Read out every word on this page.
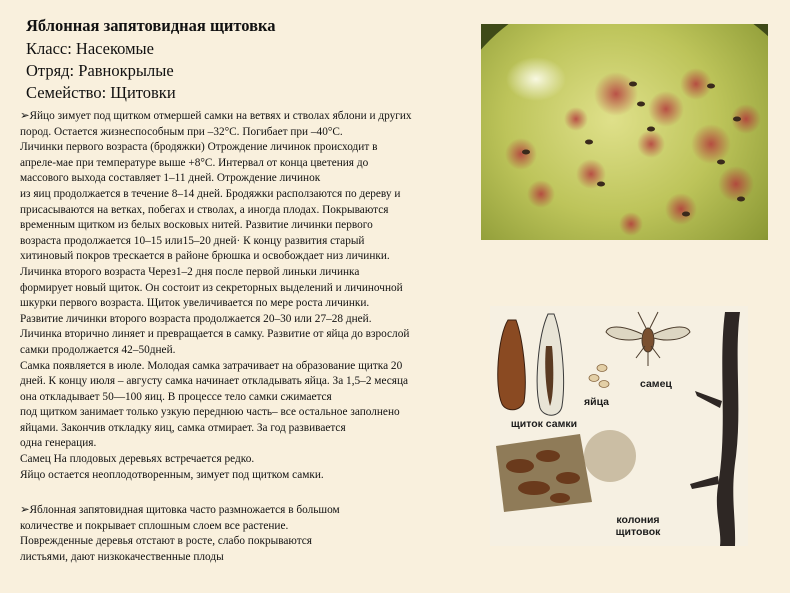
Яблонная запятовидная щитовка
Класс: Насекомые
Отряд: Равнокрылые
Семейство: Щитовки
➢Яйцо зимует под щитком отмершей самки на ветвях и стволах яблони и других
пород. Остается жизнеспособным при –32°С. Погибает при –40°С.
Личинки первого возраста (бродяжки) Отрождение личинок происходит в
апреле-мае при температуре выше +8°С. Интервал от конца цветения до
массового выхода составляет 1–11 дней. Отрождение личинок
из яиц продолжается в течение 8–14 дней. Бродяжки расползаются по дереву и
присасываются на ветках, побегах и стволах, а иногда плодах. Покрываются
временным щитком из белых восковых нитей. Развитие личинки первого
возраста продолжается 10–15 или15–20 дней· К концу развития старый
хитиновый покров трескается в районе брюшка и освобождает низ личинки.
Личинка второго возраста Через1–2 дня после первой линьки личинка
формирует новый щиток. Он состоит из секреторных выделений и личиночной
шкурки первого возраста. Щиток увеличивается по мере роста личинки.
Развитие личинки второго возраста продолжается 20–30 или 27–28 дней.
Личинка вторично линяет и превращается в самку. Развитие от яйца до взрослой
самки продолжается 42–50дней.
Самка появляется в июле. Молодая самка затрачивает на образование щитка 20
дней. К концу июля – августу самка начинает откладывать яйца. За 1,5–2 месяца
она откладывает 50—100 яиц. В процессе тело самки сжимается
под щитком занимает только узкую переднюю часть– все остальное заполнено
яйцами. Закончив откладку яиц, самка отмирает. За год развивается
одна генерация.
Самец На плодовых деревьях встречается редко.
Яйцо остается неоплодотворенным, зимует под щитком самки.
➢Яблонная запятовидная щитовка часто размножается в большом
количестве и покрывает сплошным слоем все растение.
Поврежденные деревья отстают в росте, слабо покрываются
листьями, дают низкокачественные плоды
самец
яйца
щиток самки
колония щитовок
